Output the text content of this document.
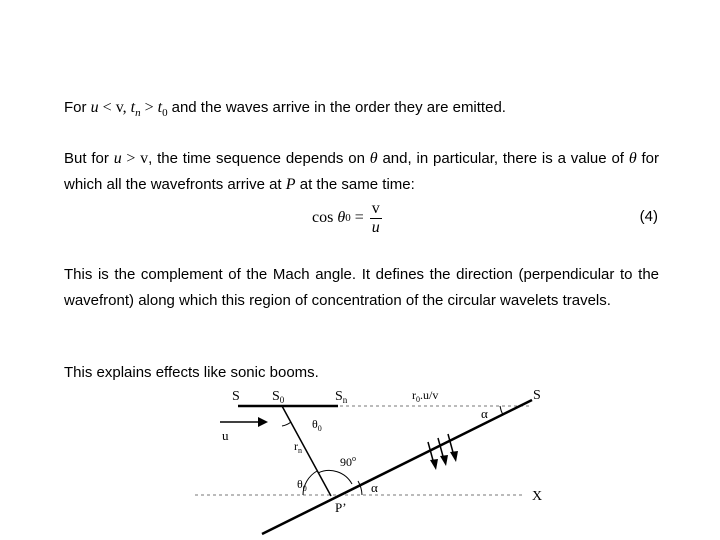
For u < v, $t_n > t_0$ and the waves arrive in the order they are emitted.
But for u > v, the time sequence depends on θ and, in particular, there is a value of θ for which all the wavefronts arrive at P at the same time:
cos
θ 0
= $\frac{v}{u}$	(4)
This is the complement of the Mach angle. It defines the direction (perpendicular to the wavefront) along which this region of concentration of the circular wavelets travels.
This explains effects like sonic booms.
S $S_0$	$S_n$	$r_0.u/v$	S
α
u
$\theta_0$
$r_n$
90$^o$
$\theta_0$	α
P’
X
